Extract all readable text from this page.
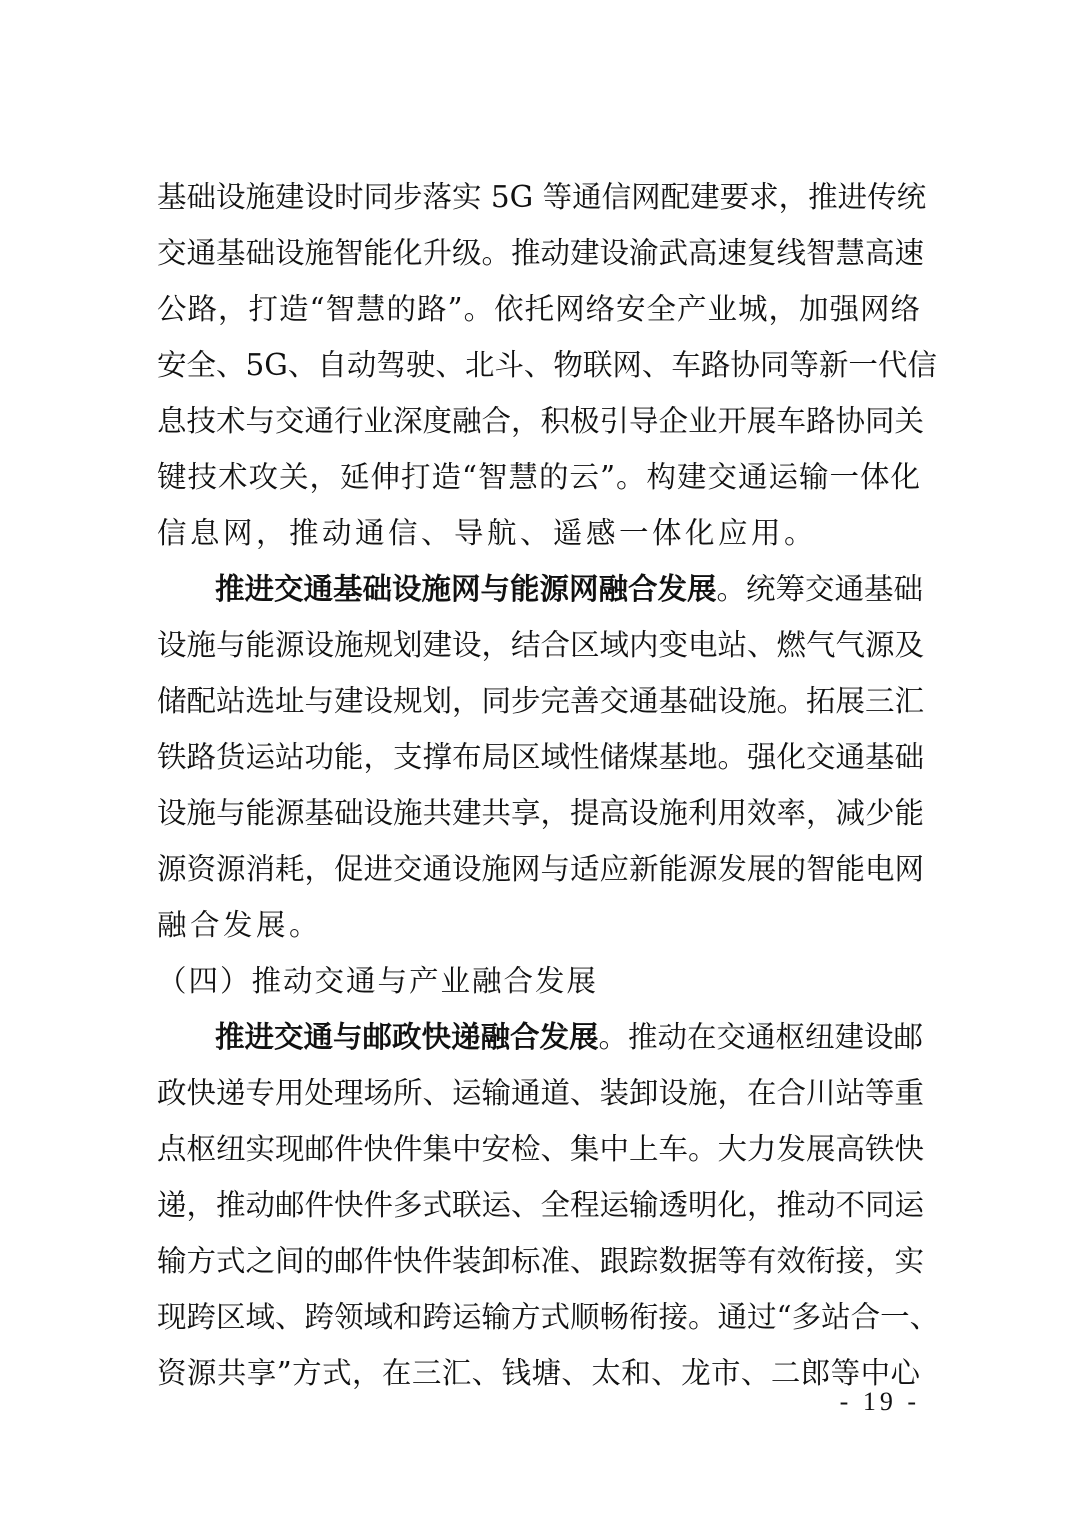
基础设施建设时同步落实 5G 等通信网配建要求，推进传统
交通基础设施智能化升级。推动建设渝武高速复线智慧高速
公路，打造“智慧的路”。依托网络安全产业城，加强网络
安全、5G、自动驾驶、北斗、物联网、车路协同等新一代信
息技术与交通行业深度融合，积极引导企业开展车路协同关
键技术攻关，延伸打造“智慧的云”。构建交通运输一体化
信息网，推动通信、导航、遥感一体化应用。
推进交通基础设施网与能源网融合发展。统筹交通基础
设施与能源设施规划建设，结合区域内变电站、燃气气源及
储配站选址与建设规划，同步完善交通基础设施。拓展三汇
铁路货运站功能，支撑布局区域性储煤基地。强化交通基础
设施与能源基础设施共建共享，提高设施利用效率，减少能
源资源消耗，促进交通设施网与适应新能源发展的智能电网
融合发展。
（四）推动交通与产业融合发展
推进交通与邮政快递融合发展。推动在交通枢纽建设邮
政快递专用处理场所、运输通道、装卸设施，在合川站等重
点枢纽实现邮件快件集中安检、集中上车。大力发展高铁快
递，推动邮件快件多式联运、全程运输透明化，推动不同运
输方式之间的邮件快件装卸标准、跟踪数据等有效衔接，实
现跨区域、跨领域和跨运输方式顺畅衔接。通过“多站合一、
资源共享”方式，在三汇、钱塘、太和、龙市、二郎等中心
- 19 -
